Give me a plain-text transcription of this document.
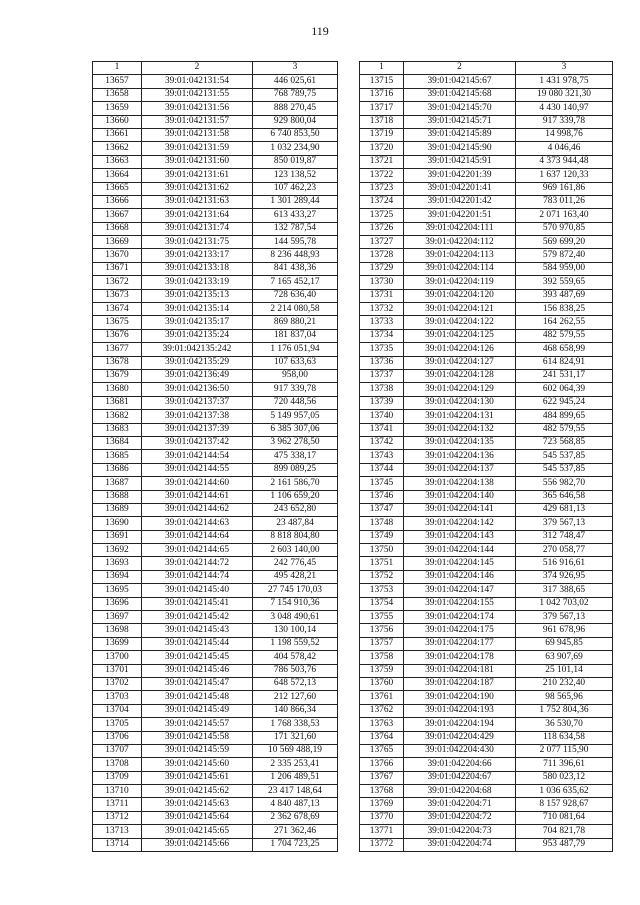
119
1	2	3
13657	39:01:042131:54	446 025,61
13658	39:01:042131:55	768 789,75
13659	39:01:042131:56	888 270,45
13660	39:01:042131:57	929 800,04
13661	39:01:042131:58	6 740 853,50
13662	39:01:042131:59	1 032 234,90
13663	39:01:042131:60	850 019,87
13664	39:01:042131:61	123 138,52
13665	39:01:042131:62	107 462,23
13666	39:01:042131:63	1 301 289,44
13667	39:01:042131:64	613 433,27
13668	39:01:042131:74	132 787,54
13669	39:01:042131:75	144 595,78
13670	39:01:042133:17	8 236 448,93
13671	39:01:042133:18	841 438,36
13672	39:01:042133:19	7 165 452,17
13673	39:01:042135:13	728 636,40
13674	39:01:042135:14	2 214 080,58
13675	39:01:042135:17	869 880,21
13676	39:01:042135:24	181 837,04
13677	39:01:042135:242	1 176 051,94
13678	39:01:042135:29	107 633,63
13679	39:01:042136:49	958,00
13680	39:01:042136:50	917 339,78
13681	39:01:042137:37	720 448,56
13682	39:01:042137:38	5 149 957,05
13683	39:01:042137:39	6 385 307,06
13684	39:01:042137:42	3 962 278,50
13685	39:01:042144:54	475 338,17
13686	39:01:042144:55	899 089,25
13687	39:01:042144:60	2 161 586,70
13688	39:01:042144:61	1 106 659,20
13689	39:01:042144:62	243 652,80
13690	39:01:042144:63	23 487,84
13691	39:01:042144:64	8 818 804,80
13692	39:01:042144:65	2 603 140,00
13693	39:01:042144:72	242 776,45
13694	39:01:042144:74	495 428,21
13695	39:01:042145:40	27 745 170,03
13696	39:01:042145:41	7 154 910,36
13697	39:01:042145:42	3 048 490,61
13698	39:01:042145:43	130 100,14
13699	39:01:042145:44	1 198 559,52
13700	39:01:042145:45	404 578,42
13701	39:01:042145:46	786 503,76
13702	39:01:042145:47	648 572,13
13703	39:01:042145:48	212 127,60
13704	39:01:042145:49	140 866,34
13705	39:01:042145:57	1 768 338,53
13706	39:01:042145:58	171 321,60
13707	39:01:042145:59	10 569 488,19
13708	39:01:042145:60	2 335 253,41
13709	39:01:042145:61	1 206 489,51
13710	39:01:042145:62	23 417 148,64
13711	39:01:042145:63	4 840 487,13
13712	39:01:042145:64	2 362 678,69
13713	39:01:042145:65	271 362,46
13714	39:01:042145:66	1 704 723,25
1	2	3
13715	39:01:042145:67	1 431 978,75
13716	39:01:042145:68	19 080 321,30
13717	39:01:042145:70	4 430 140,97
13718	39:01:042145:71	917 339,78
13719	39:01:042145:89	14 998,76
13720	39:01:042145:90	4 046,46
13721	39:01:042145:91	4 373 944,48
13722	39:01:042201:39	1 637 120,33
13723	39:01:042201:41	969 161,86
13724	39:01:042201:42	783 011,26
13725	39:01:042201:51	2 071 163,40
13726	39:01:042204:111	570 970,85
13727	39:01:042204:112	569 699,20
13728	39:01:042204:113	579 872,40
13729	39:01:042204:114	584 959,00
13730	39:01:042204:119	392 559,65
13731	39:01:042204:120	393 487,69
13732	39:01:042204:121	156 838,25
13733	39:01:042204:122	164 262,55
13734	39:01:042204:125	482 579,55
13735	39:01:042204:126	468 658,99
13736	39:01:042204:127	614 824,91
13737	39:01:042204:128	241 531,17
13738	39:01:042204:129	602 064,39
13739	39:01:042204:130	622 945,24
13740	39:01:042204:131	484 899,65
13741	39:01:042204:132	482 579,55
13742	39:01:042204:135	723 568,85
13743	39:01:042204:136	545 537,85
13744	39:01:042204:137	545 537,85
13745	39:01:042204:138	556 982,70
13746	39:01:042204:140	365 646,58
13747	39:01:042204:141	429 681,13
13748	39:01:042204:142	379 567,13
13749	39:01:042204:143	312 748,47
13750	39:01:042204:144	270 058,77
13751	39:01:042204:145	516 916,61
13752	39:01:042204:146	374 926,95
13753	39:01:042204:147	317 388,65
13754	39:01:042204:155	1 042 703,02
13755	39:01:042204:174	379 567,13
13756	39:01:042204:175	961 678,96
13757	39:01:042204:177	69 945,85
13758	39:01:042204:178	63 907,69
13759	39:01:042204:181	25 101,14
13760	39:01:042204:187	210 232,40
13761	39:01:042204:190	98 565,96
13762	39:01:042204:193	1 752 804,36
13763	39:01:042204:194	36 530,70
13764	39:01:042204:429	118 634,58
13765	39:01:042204:430	2 077 115,90
13766	39:01:042204:66	711 396,61
13767	39:01:042204:67	580 023,12
13768	39:01:042204:68	1 036 635,62
13769	39:01:042204:71	8 157 928,67
13770	39:01:042204:72	710 081,64
13771	39:01:042204:73	704 821,78
13772	39:01:042204:74	953 487,79
